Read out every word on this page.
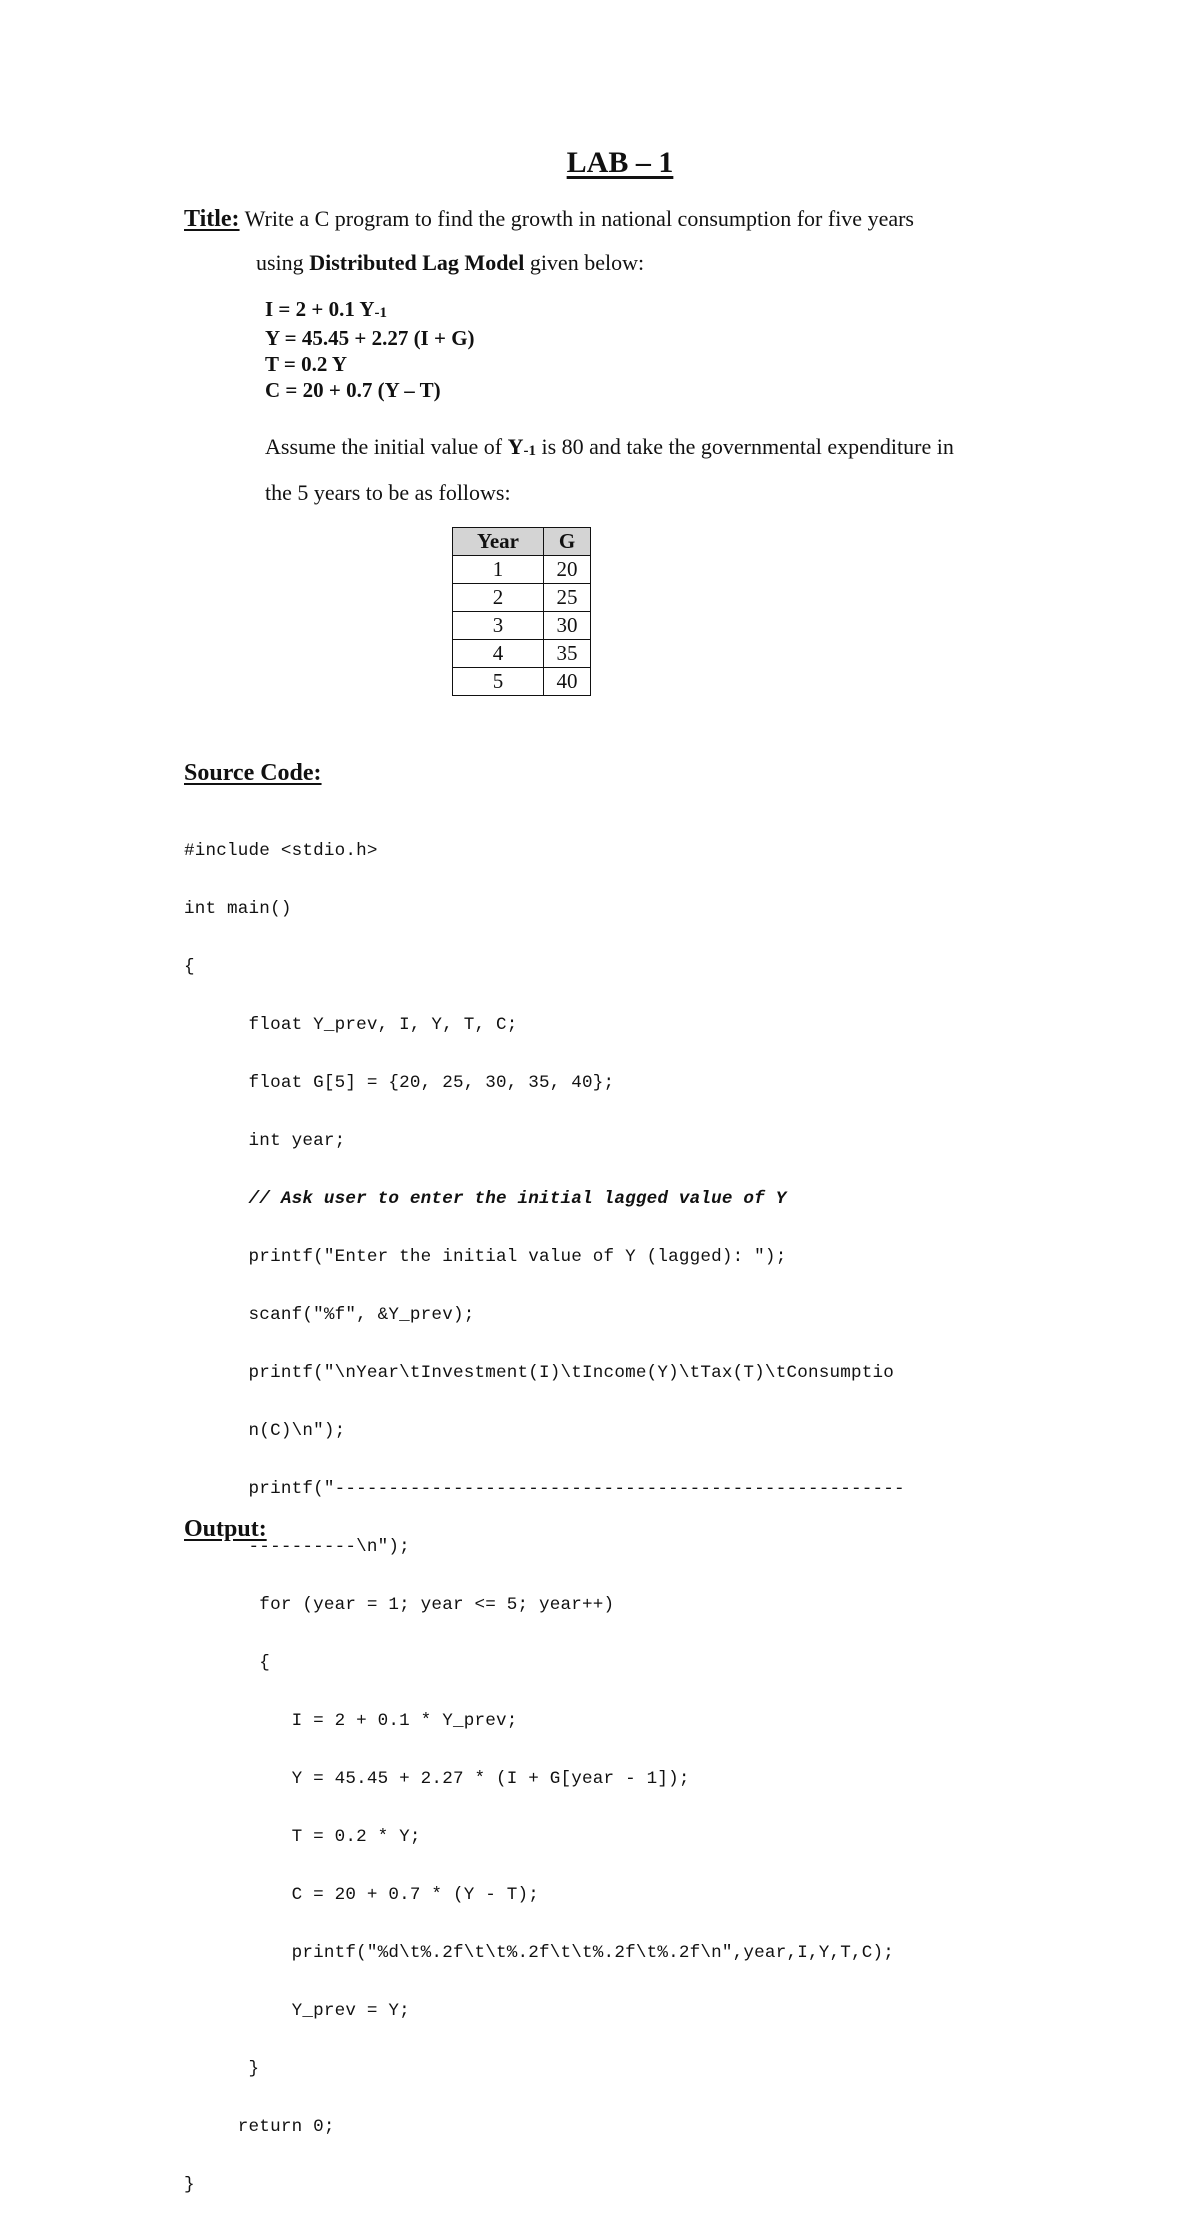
LAB – 1
Title: Write a C program to find the growth in national consumption for five years
using Distributed Lag Model given below:
I = 2 + 0.1 $Y_{-1}$
Y = 45.45 + 2.27 (I + G)
T = 0.2 Y
C = 20 + 0.7 (Y – T)
Assume the initial value of $Y_{-1}$ is 80 and take the governmental expenditure in
the 5 years to be as follows:
Year	G
1	20
2	25
3	30
4	35
5	40
Source Code:

#include <stdio.h>

int main()

{

float Y_prev, I, Y, T, C;

float G[5] = {20, 25, 30, 35, 40};

int year;

// Ask user to enter the initial lagged value of Y

printf("Enter the initial value of Y (lagged): ");

scanf("%f", &Y_prev);

printf("\nYear\tInvestment(I)\tIncome(Y)\tTax(T)\tConsumptio

n(C)\n");

printf("-----------------------------------------------------

----------\n");

for (year = 1; year <= 5; year++)

{

I = 2 + 0.1 * Y_prev;

Y = 45.45 + 2.27 * (I + G[year - 1]);

T = 0.2 * Y;

C = 20 + 0.7 * (Y - T);

printf("%d\t%.2f\t\t%.2f\t\t%.2f\t%.2f\n",year,I,Y,T,C);

Y_prev = Y;

}

return 0;

}

Output:
